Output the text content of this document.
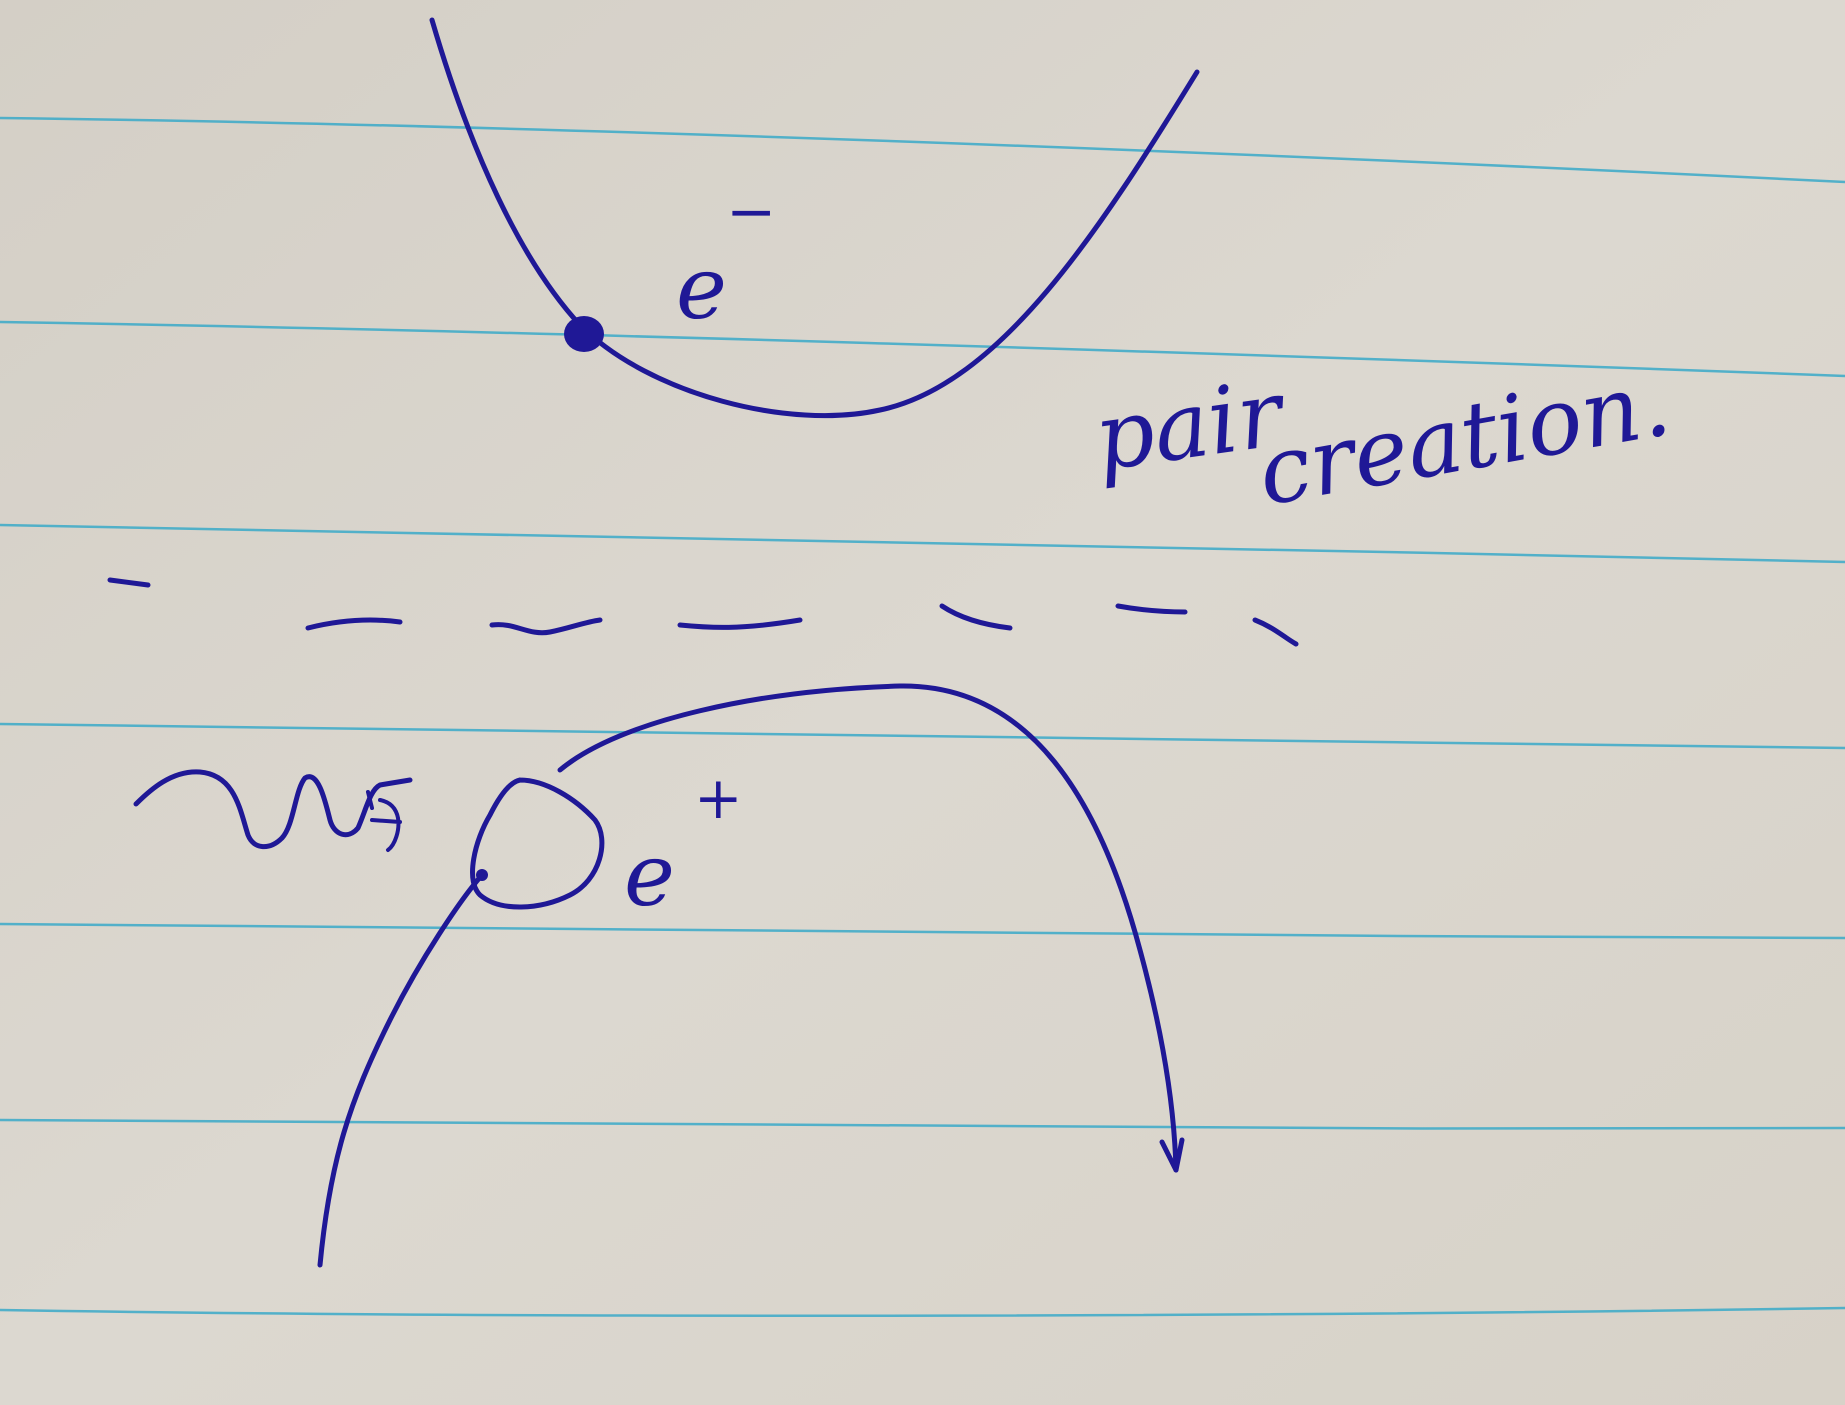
e
−
e
+
pair
creation.
